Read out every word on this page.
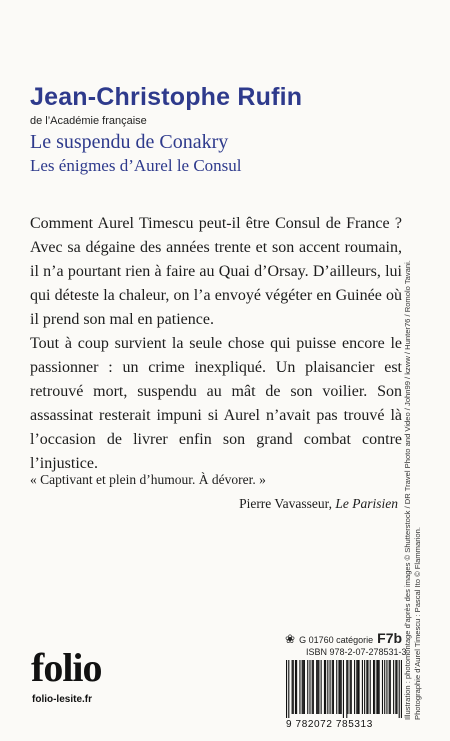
Jean-Christophe Rufin
de l’Académie française
Le suspendu de Conakry
Les énigmes d’Aurel le Consul

Comment Aurel Timescu peut-il être Consul de France ? Avec sa dégaine des années trente et son accent roumain, il n’a pourtant rien à faire au Quai d’Orsay. D’ailleurs, lui qui déteste la chaleur, on l’a envoyé végéter en Guinée où il prend son mal en patience.

Tout à coup survient la seule chose qui puisse encore le passionner : un crime inexpliqué. Un plaisancier est retrouvé mort, suspendu au mât de son voilier. Son assassinat resterait impuni si Aurel n’avait pas trouvé là l’occasion de livrer enfin son grand combat contre l’injustice.

« Captivant et plein d’humour. À dévorer. »
Pierre Vavasseur, Le Parisien Illustration : photomontage d’après des images © Shutterstock / DR Travel Photo and Video / John99 / kzww / Hunter76 / Romolo Tavani. Photographie d’Aurel Timescu : Pascal Ito © Flammarion.
❀ G 01760
catégorie F7b
ISBN 978-2-07-278531-3
9 782072 785313
folio
folio-lesite.fr
